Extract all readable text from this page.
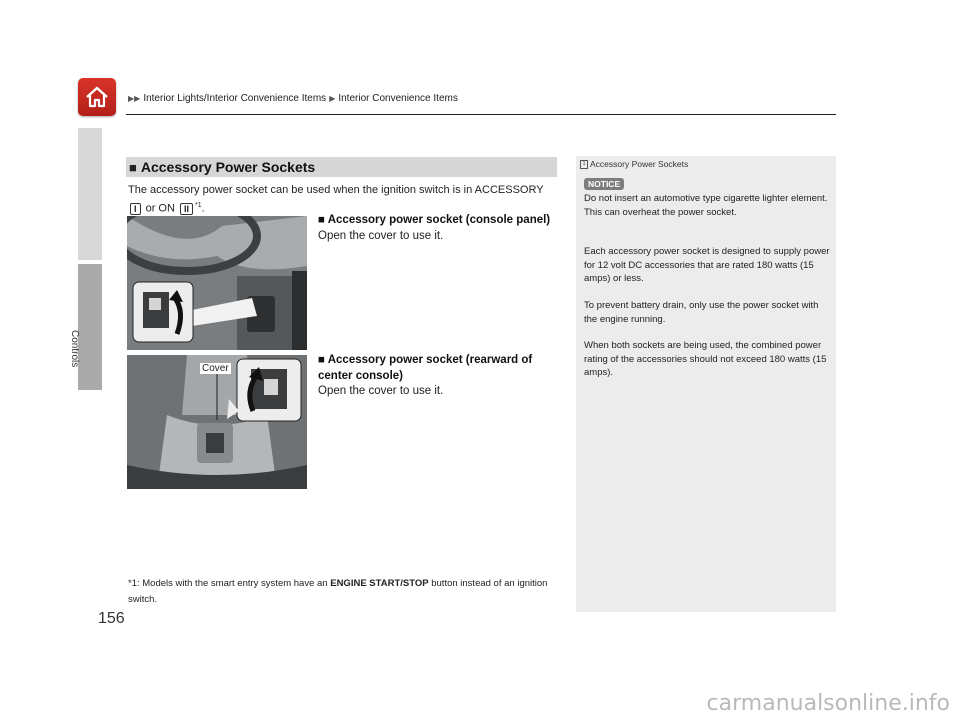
▶▶ Interior Lights/Interior Convenience Items ▶ Interior Convenience Items
Controls
156
■ Accessory Power Sockets
The accessory power socket can be used when the ignition switch is in ACCESSORY
I or ON II $^{*1}$.
Cover
■ Accessory power socket (console panel)
Open the cover to use it.
■ Accessory power socket (rearward of center console)
Open the cover to use it.
*1: Models with the smart entry system have an ENGINE START/STOP button instead of an ignition switch.
1 Accessory Power Sockets
NOTICE
Do not insert an automotive type cigarette lighter element.
This can overheat the power socket.
Each accessory power socket is designed to supply power for 12 volt DC accessories that are rated 180 watts (15 amps) or less.
To prevent battery drain, only use the power socket with the engine running.
When both sockets are being used, the combined power rating of the accessories should not exceed 180 watts (15 amps).
carmanualsonline.info
